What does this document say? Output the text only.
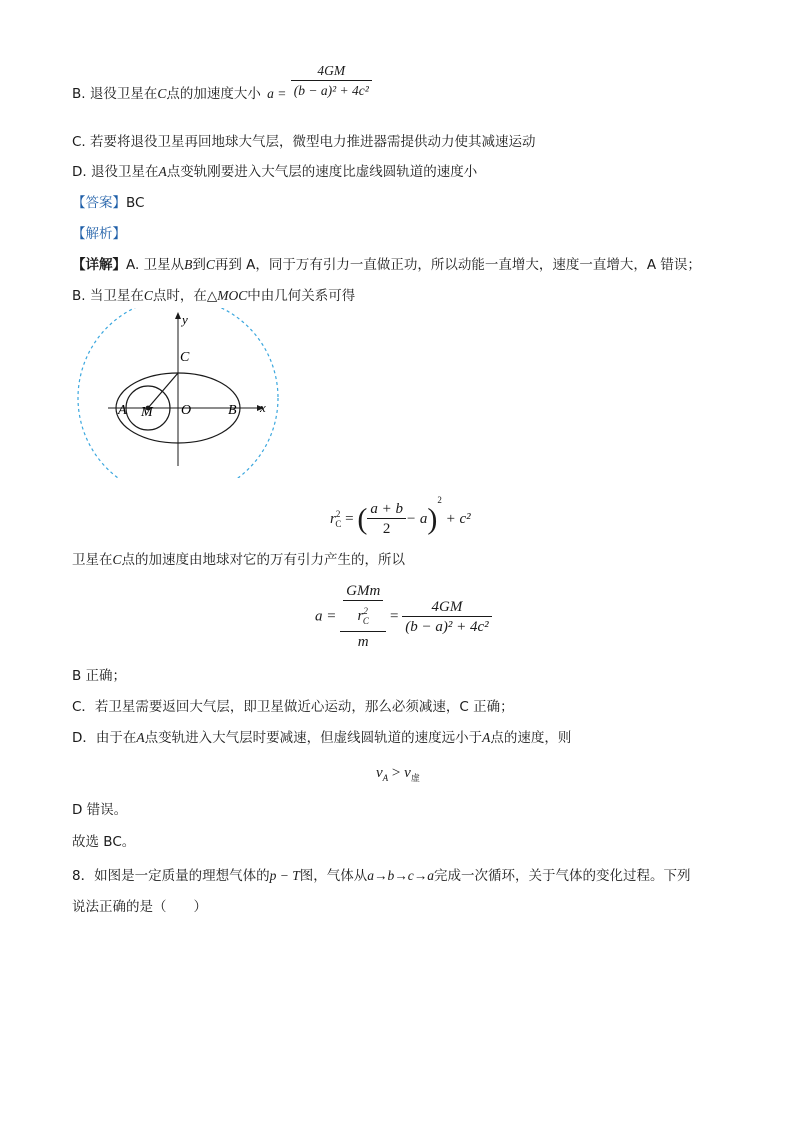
B. 退役卫星在C点的加速度大小 $a = \frac{4GM}{\text{(b − a)² + 4c²}}$
C. 若要将退役卫星再回地球大气层，微型电力推进器需提供动力使其减速运动
D. 退役卫星在A点变轨刚要进入大气层的速度比虚线圆轨道的速度小
【答案】BC
【解析】
【详解】A. 卫星从B到C再到 A，同于万有引力一直做正功，所以动能一直增大，速度一直增大，A 错误；
B. 当卫星在C点时，在△MOC中由几何关系可得
y
x
C
A M O	B
$r^2_C$ = ( $\frac{a + b}{2} - a)^2 + c^2$
卫星在C点的加速度由地球对它的万有引力产生的，所以
$a = \frac{\frac{\text{GMm}}{r^2_C}}{m} = \frac{4GM}{\text{(b − a)² + 4c²}}$
B 正确；
C．若卫星需要返回大气层，即卫星做近心运动，那么必须减速，C 正确；
D．由于在A点变轨进入大气层时要减速，但虚线圆轨道的速度远小于A点的速度，则
$v_A > v_虚$
D 错误。
故选 BC。
8．如图是一定质量的理想气体的p − T图，气体从a→b→c→a完成一次循环，关于气体的变化过程。下列
说法正确的是（　　）
